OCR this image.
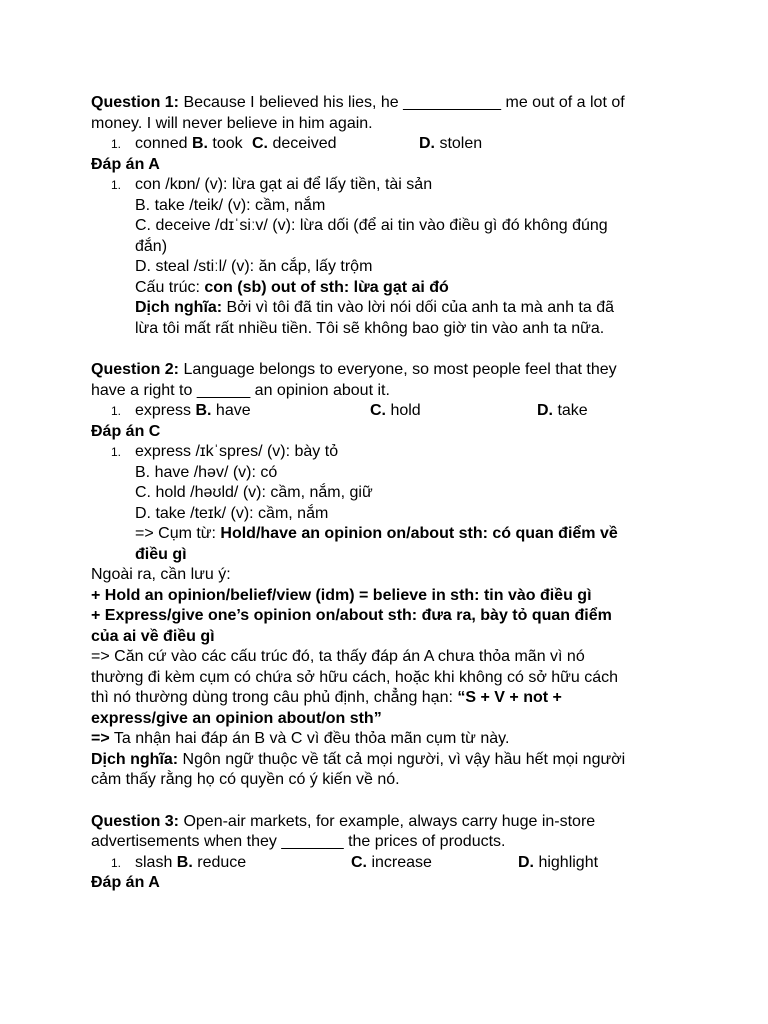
Question 1: Because I believed his lies, he ___________ me out of a lot of
money. I will never believe in him again.
1. conned B. took C. deceived	D. stolen
Đáp án A
1. con /kɒn/ (v): lừa gạt ai để lấy tiền, tài sản
B. take /teik/ (v): cầm, nắm
C. deceive /dɪˈsiːv/ (v): lừa dối (để ai tin vào điều gì đó không đúng
đắn)
D. steal /stiːl/ (v): ăn cắp, lấy trộm
Cấu trúc: con (sb) out of sth: lừa gạt ai đó
Dịch nghĩa: Bởi vì tôi đã tin vào lời nói dối của anh ta mà anh ta đã
lừa tôi mất rất nhiều tiền. Tôi sẽ không bao giờ tin vào anh ta nữa.
Question 2: Language belongs to everyone, so most people feel that they
have a right to ______ an opinion about it.
1. express B. have	C. hold	D. take
Đáp án C
1. express /ɪkˈspres/ (v): bày tỏ
B. have /həv/ (v): có
C. hold /həʊld/ (v): cầm, nắm, giữ
D. take /teɪk/ (v): cầm, nắm
=> Cụm từ: Hold/have an opinion on/about sth: có quan điểm về
điều gì
Ngoài ra, cần lưu ý:
+ Hold an opinion/belief/view (idm) = believe in sth: tin vào điều gì
+ Express/give one’s opinion on/about sth: đưa ra, bày tỏ quan điểm
của ai về điều gì
=> Căn cứ vào các cấu trúc đó, ta thấy đáp án A chưa thỏa mãn vì nó
thường đi kèm cụm có chứa sở hữu cách, hoặc khi không có sở hữu cách
thì nó thường dùng trong câu phủ định, chẳng hạn: “S + V + not +
express/give an opinion about/on sth”
=> Ta nhận hai đáp án B và C vì đều thỏa mãn cụm từ này.
Dịch nghĩa: Ngôn ngữ thuộc về tất cả mọi người, vì vậy hầu hết mọi người
cảm thấy rằng họ có quyền có ý kiến về nó.
Question 3: Open-air markets, for example, always carry huge in-store
advertisements when they _______ the prices of products.
1. slash B. reduce	C. increase	D. highlight
Đáp án A
